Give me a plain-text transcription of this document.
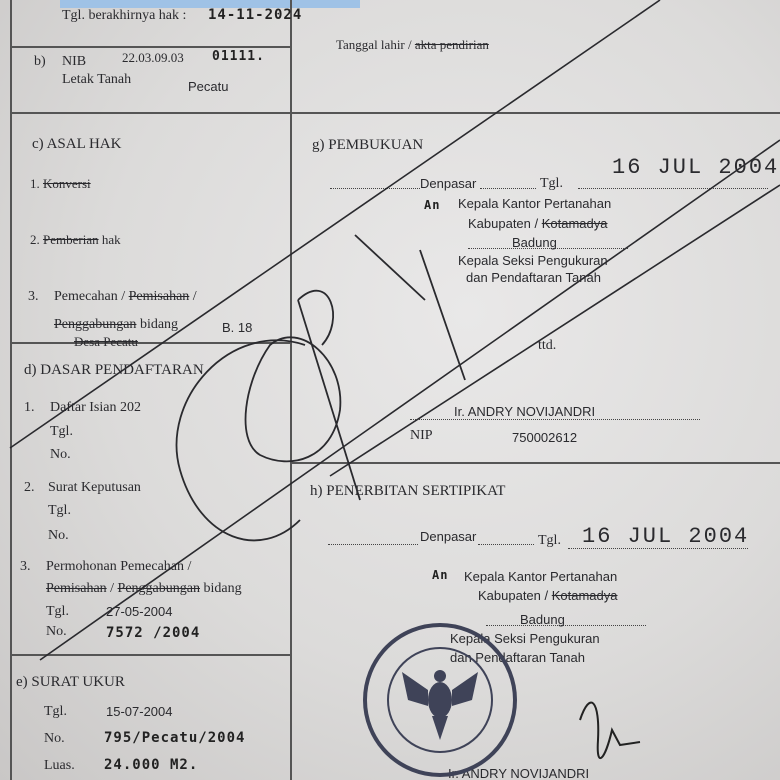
Tgl. berakhirnya hak : 14-11-2024
b) NIB	22.03.09.03 01111.
Letak Tanah	Pecatu
Tanggal lahir / akta pendirian
c) ASAL HAK
1. Konversi
2. Pemberian hak
3. Pemecahan / Pemisahan /
Penggabungan bidang	B. 18
Desa Pecatu
d) DASAR PENDAFTARAN
1. Daftar Isian 202
Tgl.
No.
2. Surat Keputusan
Tgl.
No.
3. Permohonan Pemecahan /
Pemisahan / Penggabungan bidang
Tgl.	27-05-2004
No.	7572 /2004
e) SURAT UKUR
Tgl.	15-07-2004
No.	795/Pecatu/2004
Luas. 24.000 M2.
g) PEMBUKUAN
Denpasar	Tgl.
16 JUL 2004
An Kepala Kantor Pertanahan
Kabupaten / Kotamadya
Badung
Kepala Seksi Pengukuran
dan Pendaftaran Tanah
ttd.
Ir. ANDRY NOVIJANDRI
NIP	750002612
h) PENERBITAN SERTIPIKAT
Denpasar	Tgl. 16 JUL 2004
An Kepala Kantor Pertanahan
Kabupaten / Kotamadya
Badung
Kepala Seksi Pengukuran
dan Pendaftaran Tanah
Ir. ANDRY NOVIJANDRI
